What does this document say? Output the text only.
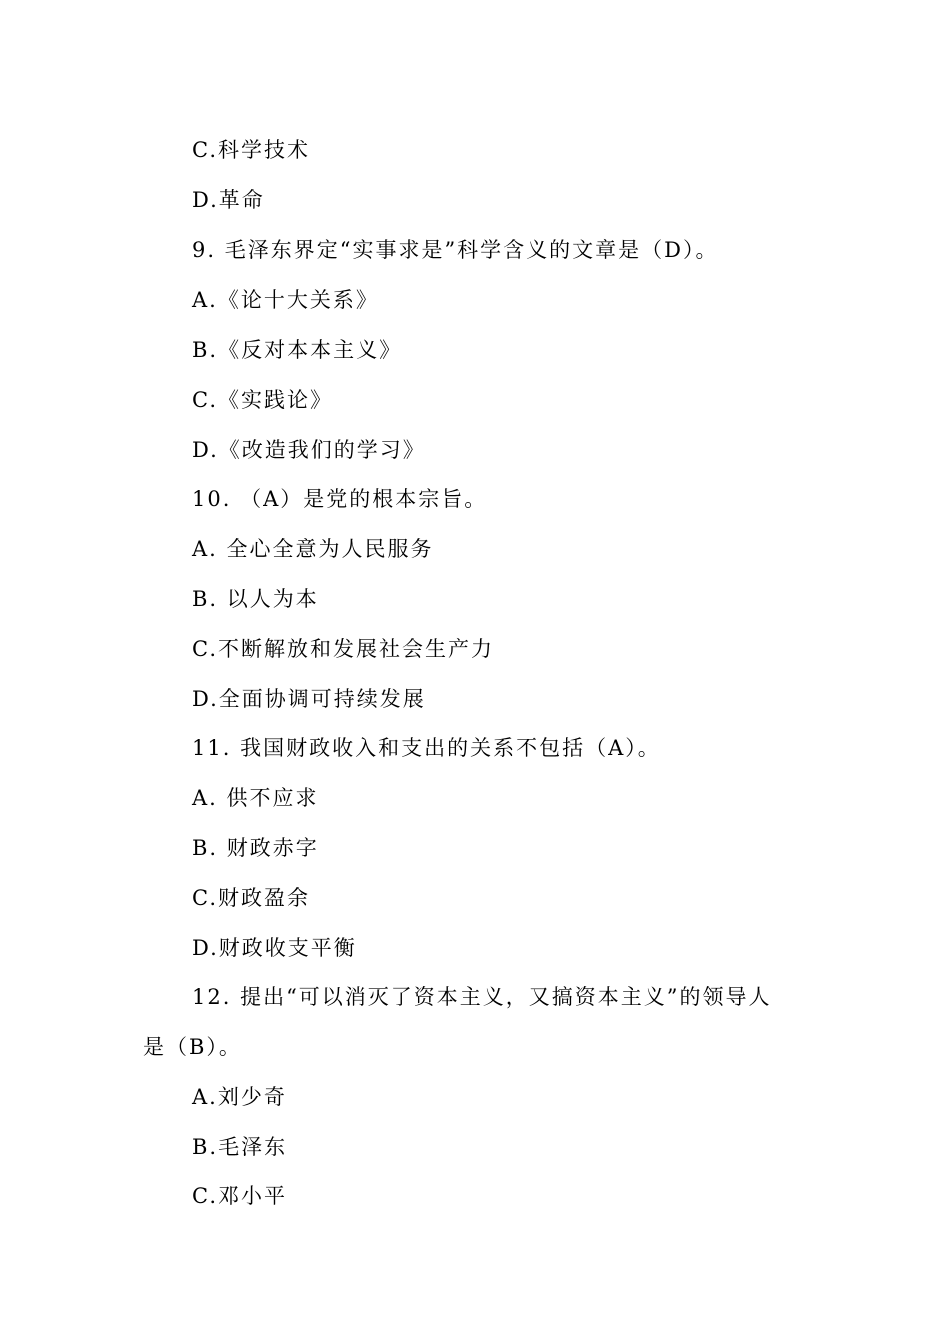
C.科学技术
D.革命
9. 毛泽东界定“实事求是”科学含义的文章是（D）。
A.《论十大关系》
B.《反对本本主义》
C.《实践论》
D.《改造我们的学习》
10. （A）是党的根本宗旨。
A. 全心全意为人民服务
B. 以人为本
C.不断解放和发展社会生产力
D.全面协调可持续发展
11. 我国财政收入和支出的关系不包括（A）。
A. 供不应求
B. 财政赤字
C.财政盈余
D.财政收支平衡
12. 提出“可以消灭了资本主义，又搞资本主义”的领导人
是（B）。
A.刘少奇
B.毛泽东
C.邓小平
